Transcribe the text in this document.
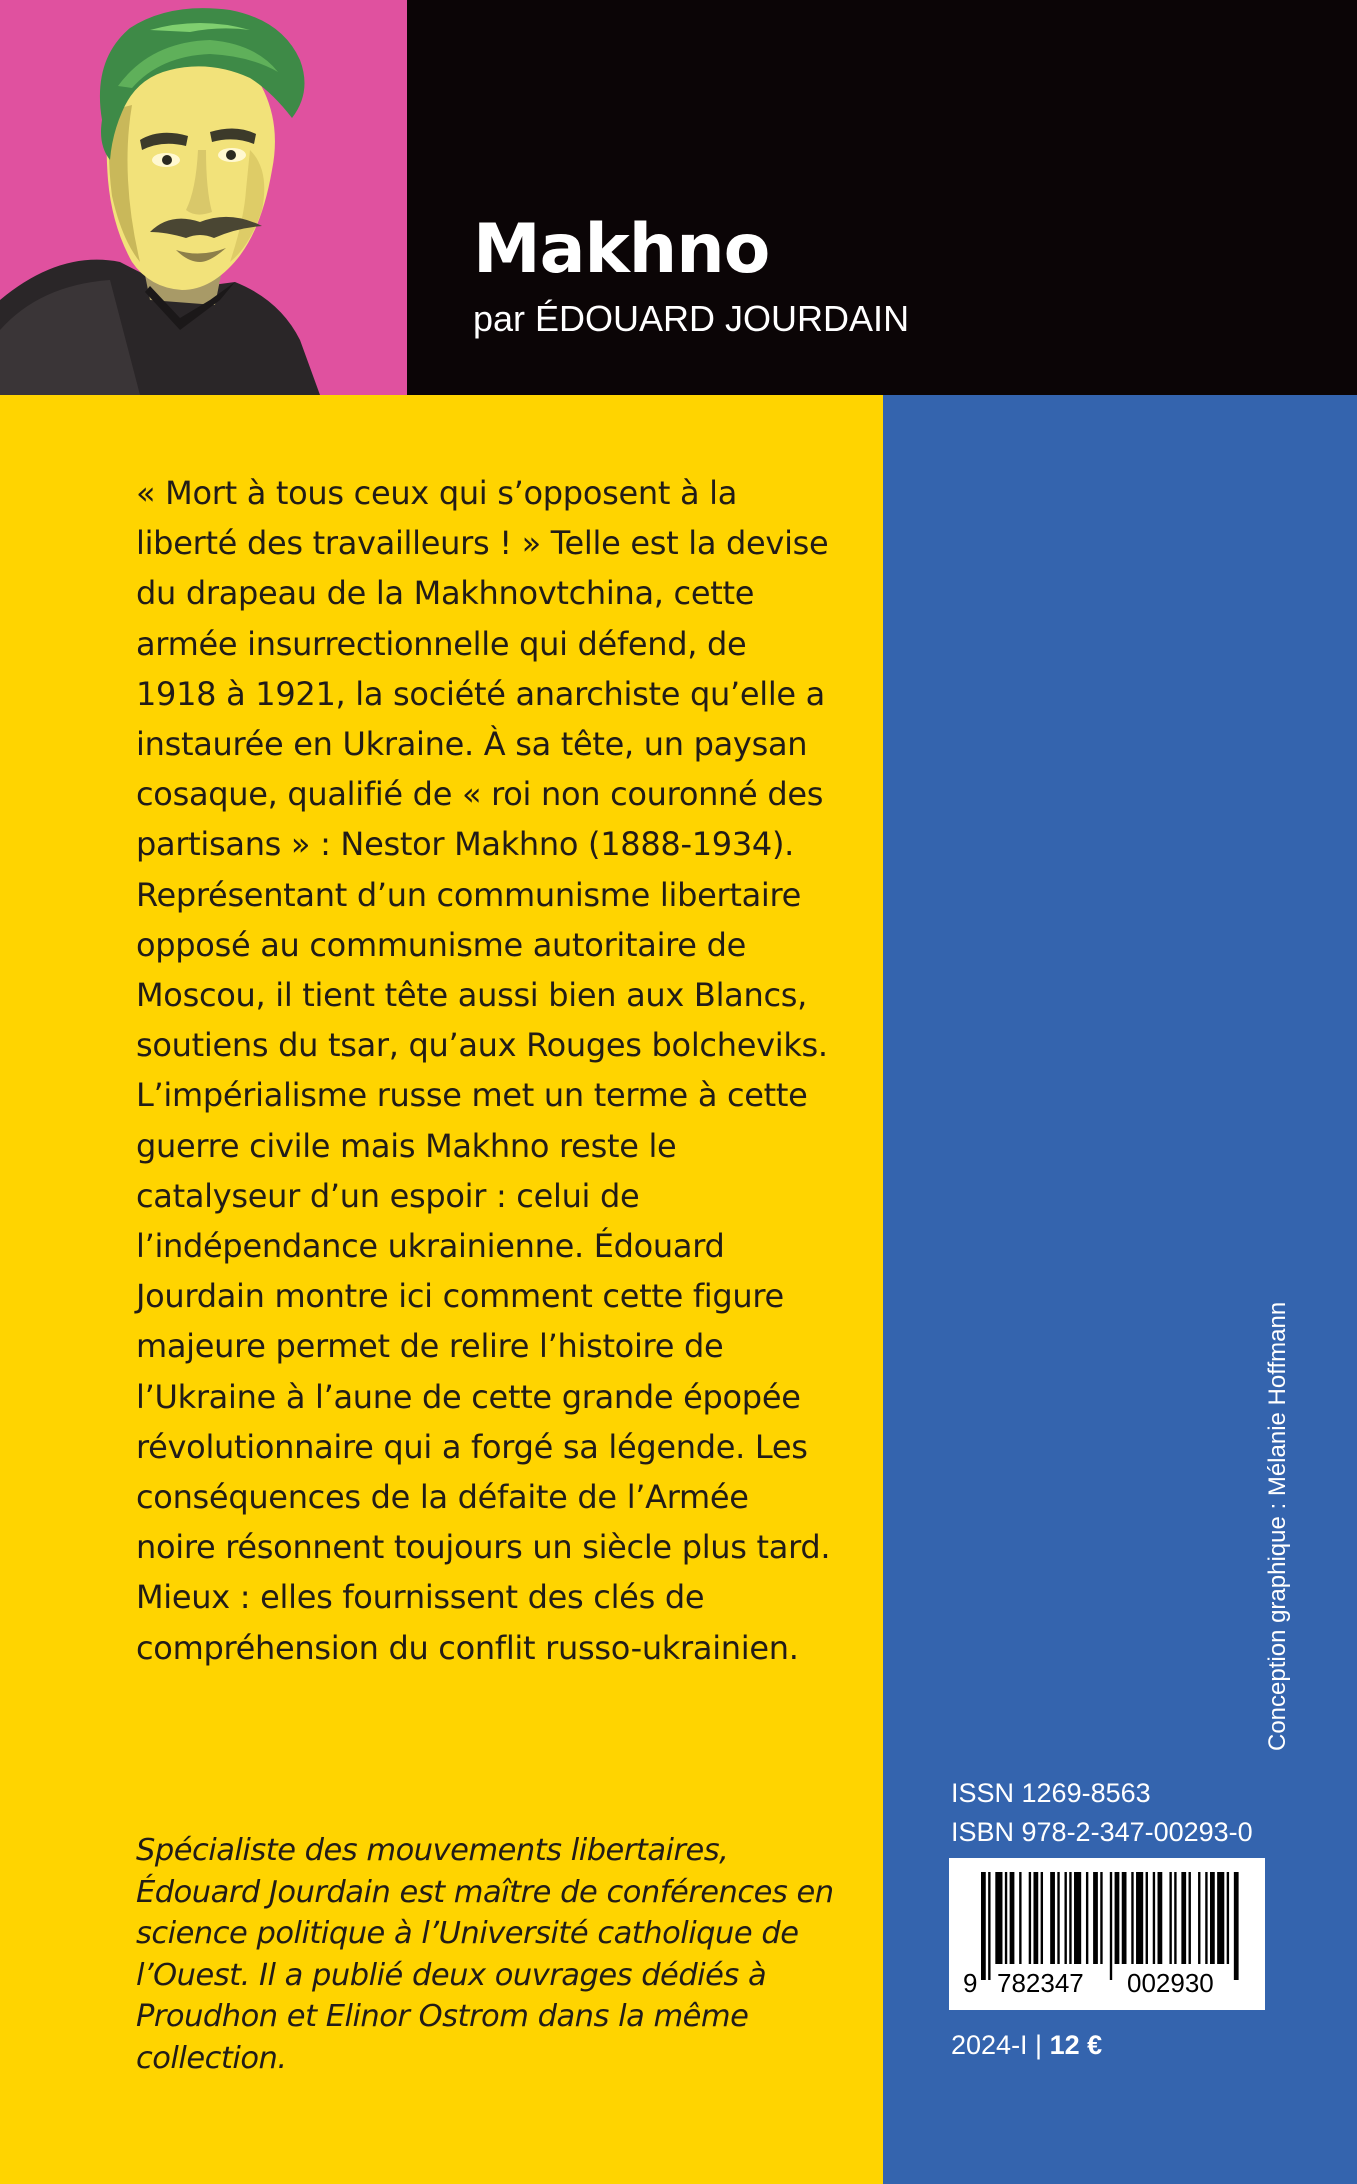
Makhno

par ÉDOUARD JOURDAIN

« Mort à tous ceux qui s’opposent à la liberté des travailleurs ! » Telle est la devise du drapeau de la Makhnovtchina, cette armée insurrectionnelle qui défend, de 1918 à 1921, la société anarchiste qu’elle a instaurée en Ukraine. À sa tête, un paysan cosaque, qualifié de « roi non couronné des partisans » : Nestor Makhno (1888-1934). Représentant d’un communisme libertaire opposé au communisme autoritaire de Moscou, il tient tête aussi bien aux Blancs, soutiens du tsar, qu’aux Rouges bolcheviks. L’impérialisme russe met un terme à cette guerre civile mais Makhno reste le catalyseur d’un espoir : celui de l’indépendance ukrainienne. Édouard Jourdain montre ici comment cette figure majeure permet de relire l’histoire de l’Ukraine à l’aune de cette grande épopée révolutionnaire qui a forgé sa légende. Les conséquences de la défaite de l’Armée noire résonnent toujours un siècle plus tard. Mieux : elles fournissent des clés de compréhension du conflit russo-ukrainien.

Spécialiste des mouvements libertaires, Édouard Jourdain est maître de conférences en science politique à l’Université catholique de l’Ouest. Il a publié deux ouvrages dédiés à Proudhon et Elinor Ostrom dans la même collection.

Conception graphique : Mélanie Hoffmann

ISSN 1269-8563

ISBN 978-2-347-00293-0

9 782347 002930

2024-I | 12 €
